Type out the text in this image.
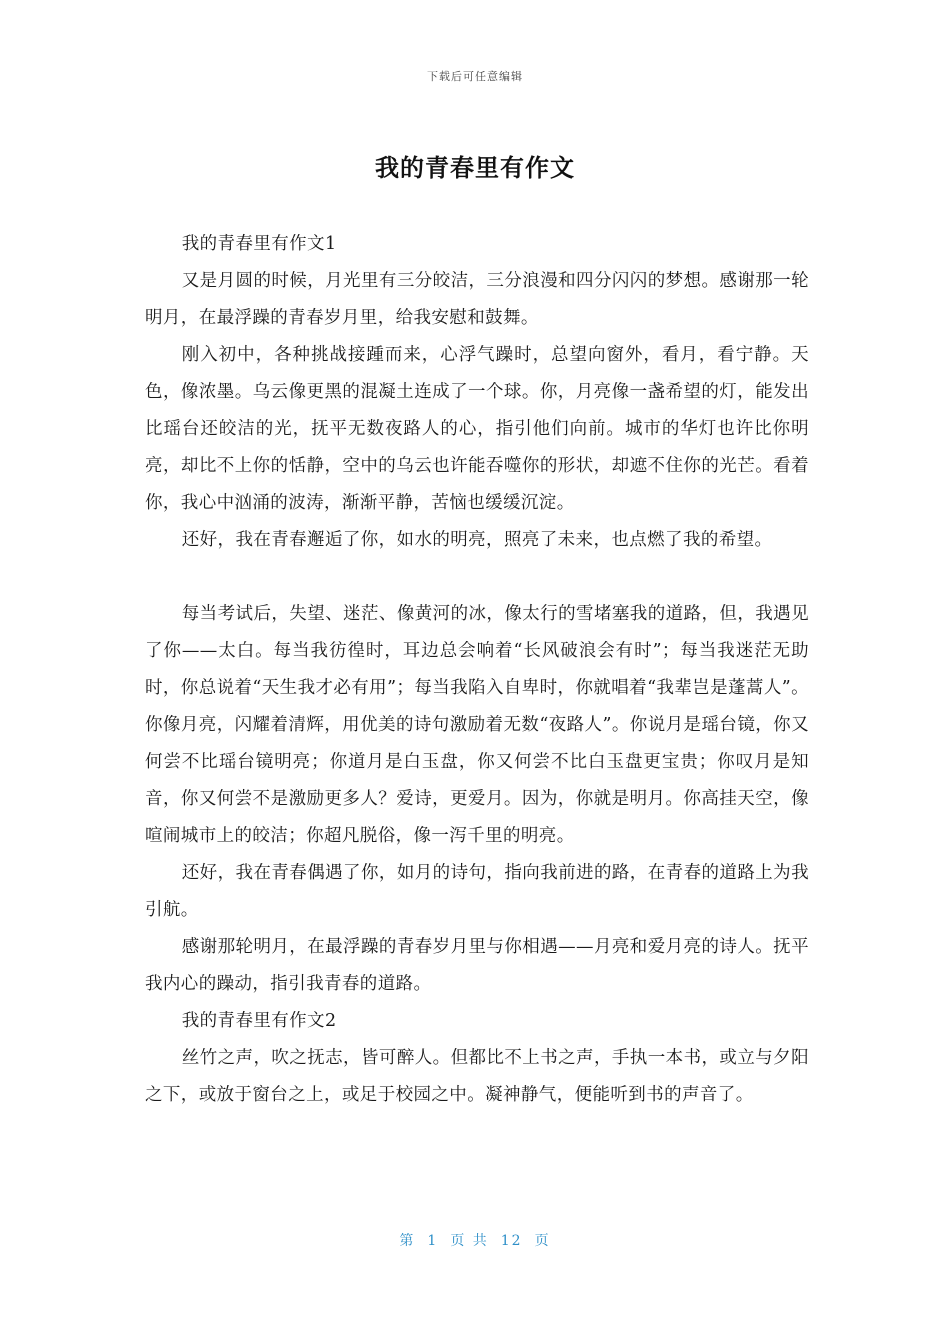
下载后可任意编辑
我的青春里有作文

我的青春里有作文1

又是月圆的时候，月光里有三分皎洁，三分浪漫和四分闪闪的梦想。感谢那一轮明月，在最浮躁的青春岁月里，给我安慰和鼓舞。

刚入初中，各种挑战接踵而来，心浮气躁时，总望向窗外，看月，看宁静。天色，像浓墨。乌云像更黑的混凝土连成了一个球。你，月亮像一盏希望的灯，能发出比瑶台还皎洁的光，抚平无数夜路人的心，指引他们向前。城市的华灯也许比你明亮，却比不上你的恬静，空中的乌云也许能吞噬你的形状，却遮不住你的光芒。看着你，我心中汹涌的波涛，渐渐平静，苦恼也缓缓沉淀。

还好，我在青春邂逅了你，如水的明亮，照亮了未来，也点燃了我的希望。

每当考试后，失望、迷茫、像黄河的冰，像太行的雪堵塞我的道路，但，我遇见了你——太白。每当我彷徨时，耳边总会响着“长风破浪会有时”；每当我迷茫无助时，你总说着“天生我才必有用”；每当我陷入自卑时，你就唱着“我辈岂是蓬蒿人”。你像月亮，闪耀着清辉，用优美的诗句激励着无数“夜路人”。你说月是瑶台镜，你又何尝不比瑶台镜明亮；你道月是白玉盘，你又何尝不比白玉盘更宝贵；你叹月是知音，你又何尝不是激励更多人？爱诗，更爱月。因为，你就是明月。你高挂天空，像喧闹城市上的皎洁；你超凡脱俗，像一泻千里的明亮。

还好，我在青春偶遇了你，如月的诗句，指向我前进的路，在青春的道路上为我引航。

感谢那轮明月，在最浮躁的青春岁月里与你相遇——月亮和爱月亮的诗人。抚平我内心的躁动，指引我青春的道路。

我的青春里有作文2

丝竹之声，吹之抚志，皆可醉人。但都比不上书之声，手执一本书，或立与夕阳之下，或放于窗台之上，或足于校园之中。凝神静气，便能听到书的声音了。

第 1 页 共 12 页
